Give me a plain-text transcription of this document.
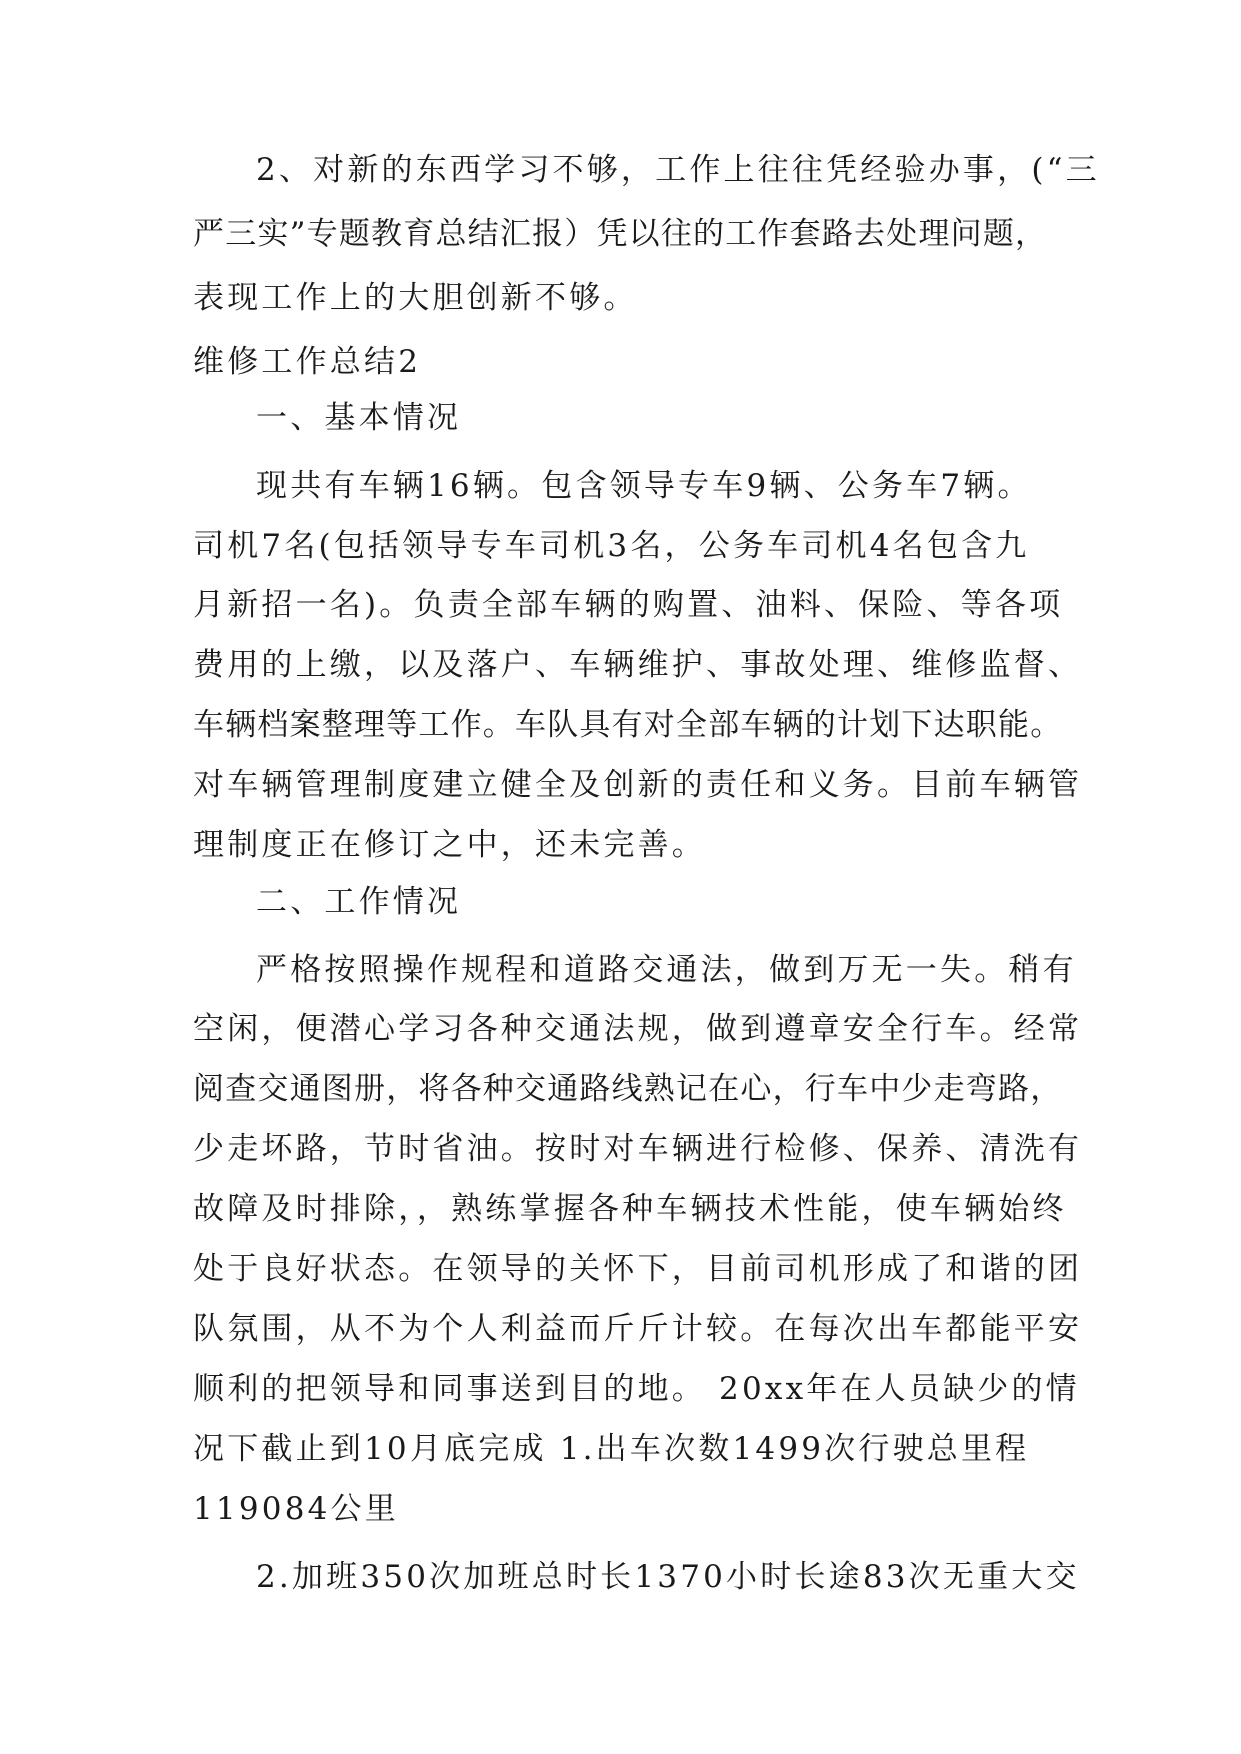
2、对新的东西学习不够，工作上往往凭经验办事，(“三
严三实”专题教育总结汇报）凭以往的工作套路去处理问题，
表现工作上的大胆创新不够。
维修工作总结2
一、基本情况
现共有车辆16辆。包含领导专车9辆、公务车7辆。
司机7名(包括领导专车司机3名，公务车司机4名包含九
月新招一名)。负责全部车辆的购置、油料、保险、等各项
费用的上缴，以及落户、车辆维护、事故处理、维修监督、
车辆档案整理等工作。车队具有对全部车辆的计划下达职能。
对车辆管理制度建立健全及创新的责任和义务。目前车辆管
理制度正在修订之中，还未完善。
二、工作情况
严格按照操作规程和道路交通法，做到万无一失。稍有
空闲，便潜心学习各种交通法规，做到遵章安全行车。经常
阅查交通图册，将各种交通路线熟记在心，行车中少走弯路，
少走坏路，节时省油。按时对车辆进行检修、保养、清洗有
故障及时排除，，熟练掌握各种车辆技术性能，使车辆始终
处于良好状态。在领导的关怀下，目前司机形成了和谐的团
队氛围，从不为个人利益而斤斤计较。在每次出车都能平安
顺利的把领导和同事送到目的地。 20xx年在人员缺少的情
况下截止到10月底完成 1.出车次数1499次行驶总里程
119084公里
2.加班350次加班总时长1370小时长途83次无重大交
